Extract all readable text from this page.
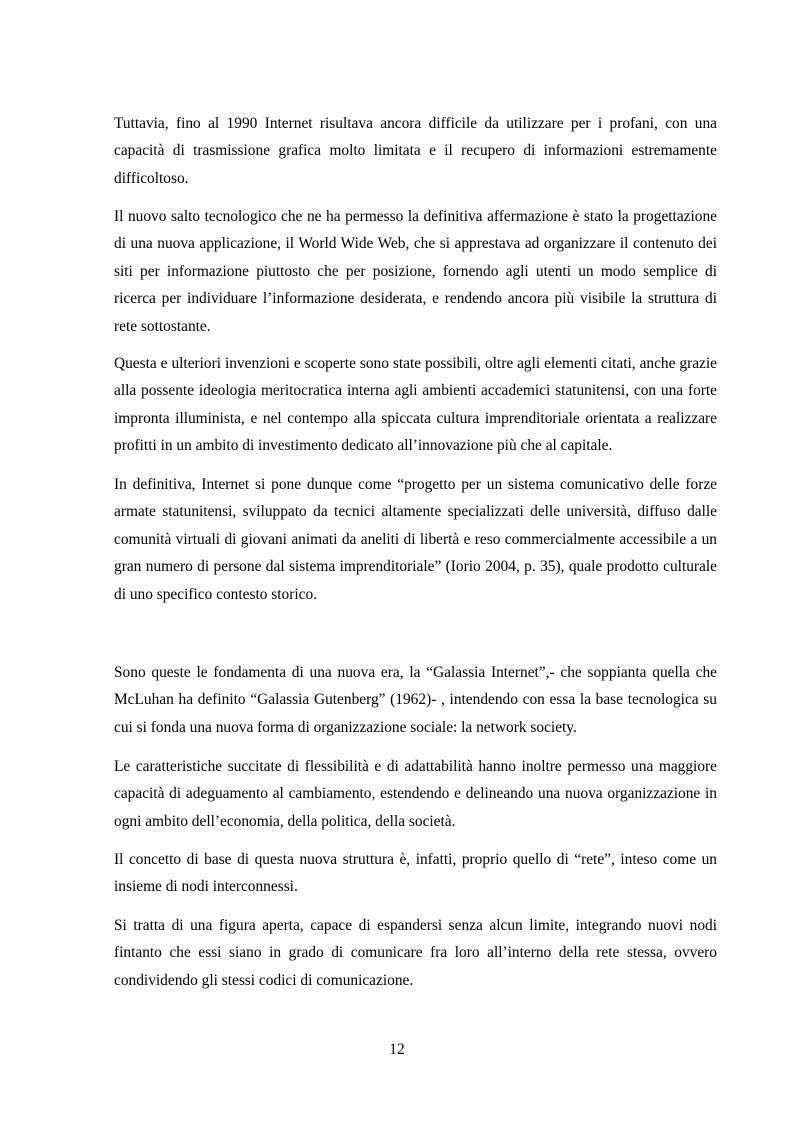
Tuttavia, fino al 1990 Internet risultava ancora difficile da utilizzare per i profani, con una capacità di trasmissione grafica molto limitata e il recupero di informazioni estremamente difficoltoso.

Il nuovo salto tecnologico che ne ha permesso la definitiva affermazione è stato la progettazione di una nuova applicazione, il World Wide Web, che si apprestava ad organizzare il contenuto dei siti per informazione piuttosto che per posizione, fornendo agli utenti un modo semplice di ricerca per individuare l’informazione desiderata, e rendendo ancora più visibile la struttura di rete sottostante.

Questa e ulteriori invenzioni e scoperte sono state possibili, oltre agli elementi citati, anche grazie alla possente ideologia meritocratica interna agli ambienti accademici statunitensi, con una forte impronta illuminista, e nel contempo alla spiccata cultura imprenditoriale orientata a realizzare profitti in un ambito di investimento dedicato all’innovazione più che al capitale.

In definitiva, Internet si pone dunque come “progetto per un sistema comunicativo delle forze armate statunitensi, sviluppato da tecnici altamente specializzati delle università, diffuso dalle comunità virtuali di giovani animati da aneliti di libertà e reso commercialmente accessibile a un gran numero di persone dal sistema imprenditoriale” (Iorio 2004, p. 35), quale prodotto culturale di uno specifico contesto storico.

Sono queste le fondamenta di una nuova era, la “Galassia Internet”,- che soppianta quella che McLuhan ha definito “Galassia Gutenberg” (1962)- , intendendo con essa la base tecnologica su cui si fonda una nuova forma di organizzazione sociale: la network society.

Le caratteristiche succitate di flessibilità e di adattabilità hanno inoltre permesso una maggiore capacità di adeguamento al cambiamento, estendendo e delineando una nuova organizzazione in ogni ambito dell’economia, della politica, della società.

Il concetto di base di questa nuova struttura è, infatti, proprio quello di “rete”, inteso come un insieme di nodi interconnessi.

Si tratta di una figura aperta, capace di espandersi senza alcun limite, integrando nuovi nodi fintanto che essi siano in grado di comunicare fra loro all’interno della rete stessa, ovvero condividendo gli stessi codici di comunicazione.

12
